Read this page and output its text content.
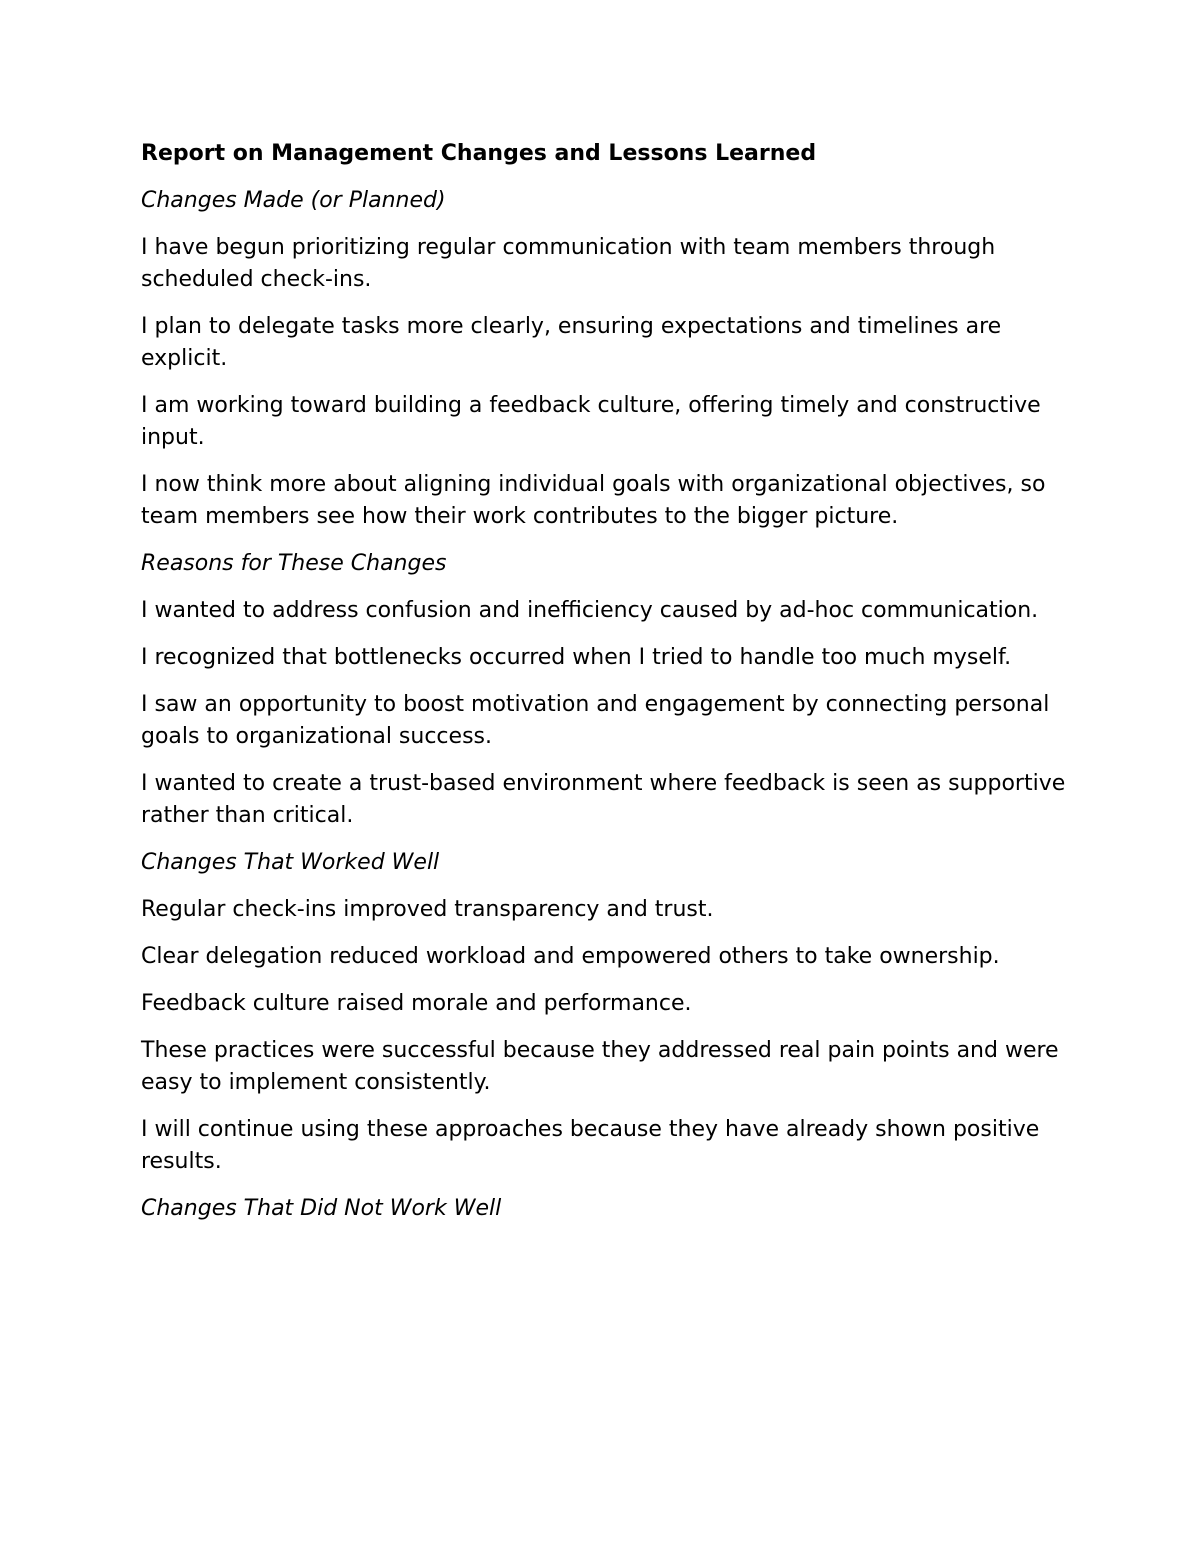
Report on Management Changes and Lessons Learned

Changes Made (or Planned)

I have begun prioritizing regular communication with team members through scheduled check-ins.

I plan to delegate tasks more clearly, ensuring expectations and timelines are explicit.

I am working toward building a feedback culture, offering timely and constructive input.

I now think more about aligning individual goals with organizational objectives, so team members see how their work contributes to the bigger picture.

Reasons for These Changes

I wanted to address confusion and inefficiency caused by ad-hoc communication.

I recognized that bottlenecks occurred when I tried to handle too much myself.

I saw an opportunity to boost motivation and engagement by connecting personal goals to organizational success.

I wanted to create a trust-based environment where feedback is seen as supportive rather than critical.

Changes That Worked Well

Regular check-ins improved transparency and trust.

Clear delegation reduced workload and empowered others to take ownership.

Feedback culture raised morale and performance.

These practices were successful because they addressed real pain points and were easy to implement consistently.

I will continue using these approaches because they have already shown positive results.

Changes That Did Not Work Well
